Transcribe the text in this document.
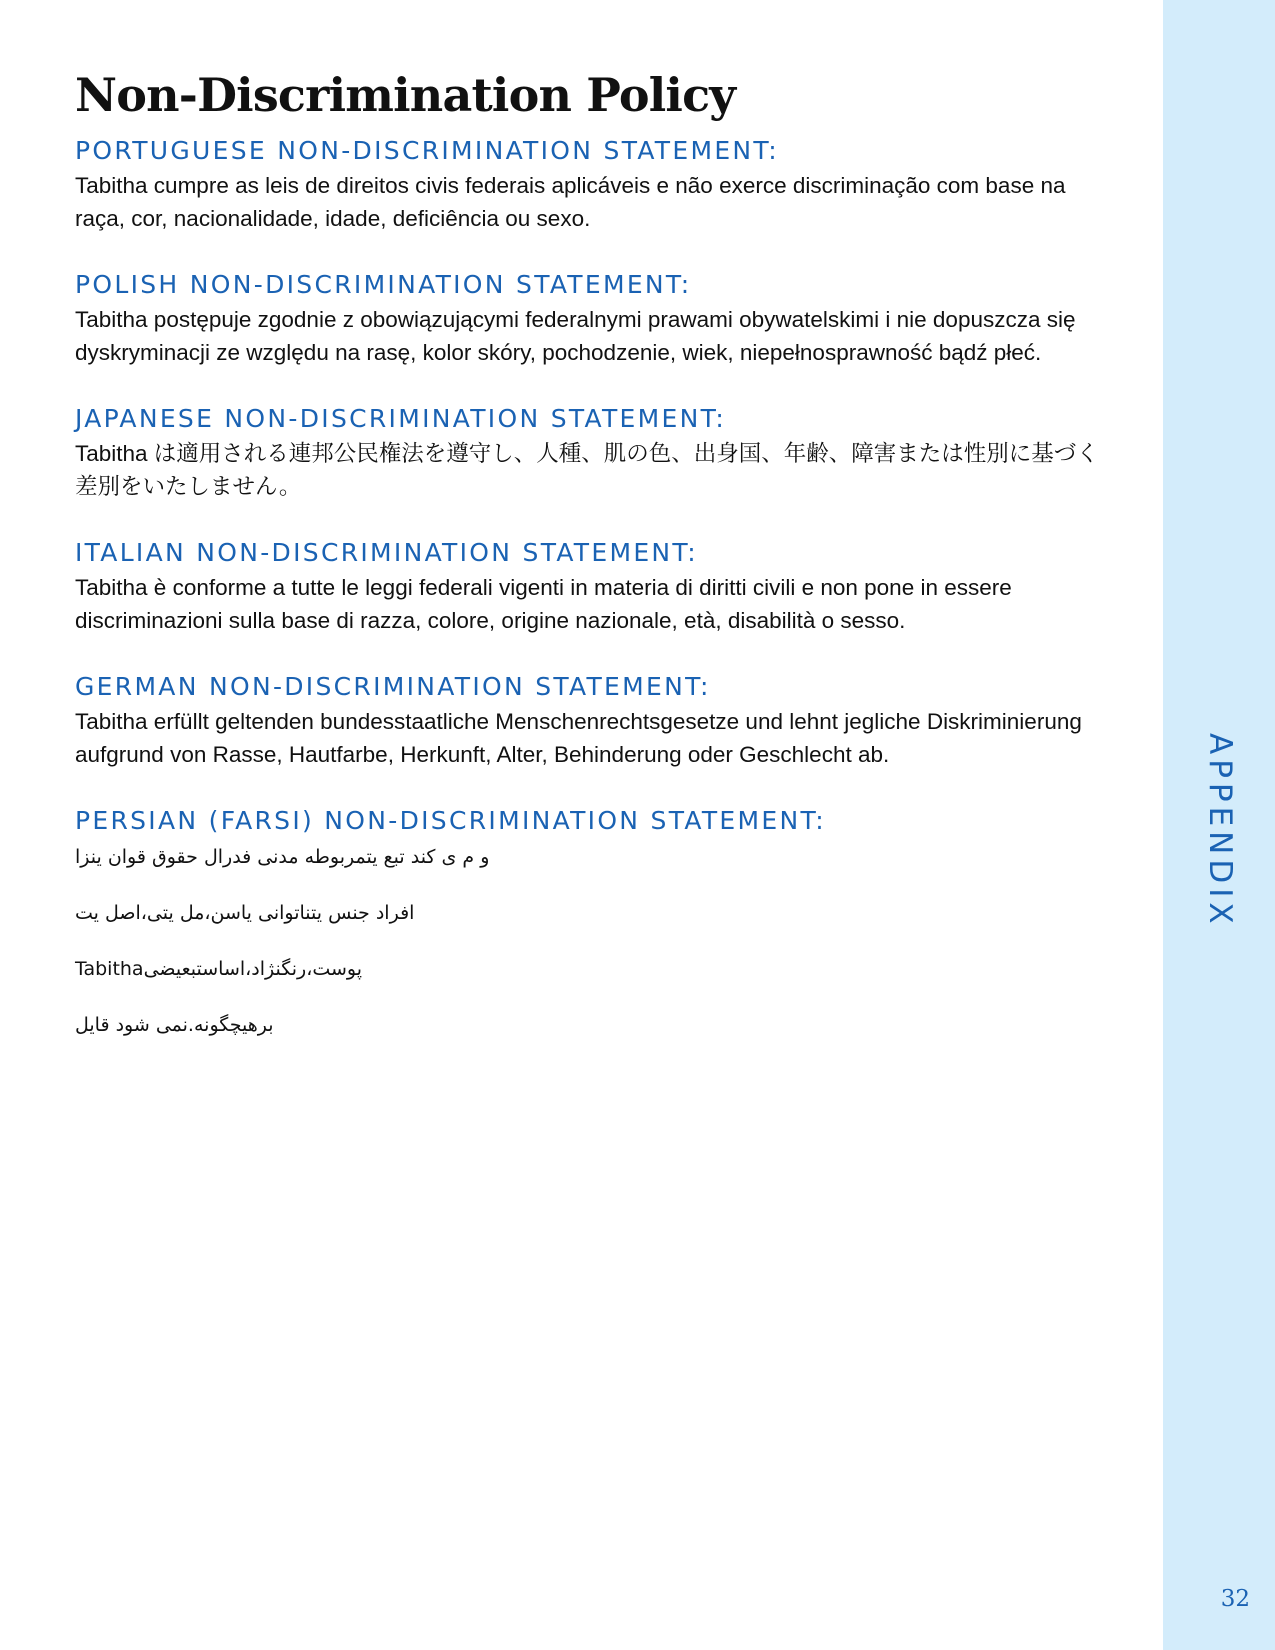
APPENDIX
32
Non-Discrimination Policy
PORTUGUESE NON-DISCRIMINATION STATEMENT:

Tabitha cumpre as leis de direitos civis federais aplicáveis e não exerce discriminação com base na raça, cor, nacionalidade, idade, deficiência ou sexo.

POLISH NON-DISCRIMINATION STATEMENT:

Tabitha postępuje zgodnie z obowiązującymi federalnymi prawami obywatelskimi i nie dopuszcza się dyskryminacji ze względu na rasę, kolor skóry, pochodzenie, wiek, niepełnosprawność bądź płeć.

JAPANESE NON-DISCRIMINATION STATEMENT:

Tabitha は適用される連邦公民権法を遵守し、人種、肌の色、出身国、年齢、障害または性別に基づく差別をいたしません。

ITALIAN NON-DISCRIMINATION STATEMENT:

Tabitha è conforme a tutte le leggi federali vigenti in materia di diritti civili e non pone in essere discriminazioni sulla base di razza, colore, origine nazionale, età, disabilità o sesso.

GERMAN NON-DISCRIMINATION STATEMENT:

Tabitha erfüllt geltenden bundesstaatliche Menschenrechtsgesetze und lehnt jegliche Diskriminierung aufgrund von Rasse, Hautfarbe, Herkunft, Alter, Behinderung oder Geschlecht ab.

PERSIAN (FARSI) NON-DISCRIMINATION STATEMENT:

و م ی کند تبع يتمربوطه مدنى فدرال حقوق قوان ينزا

افراد جنس يتناتوانی ياسن،مل يتی،اصل يت

پوست،رنگنژاد،اساستبعيضیTabitha

برهيچگونه.نمی شود قايل
